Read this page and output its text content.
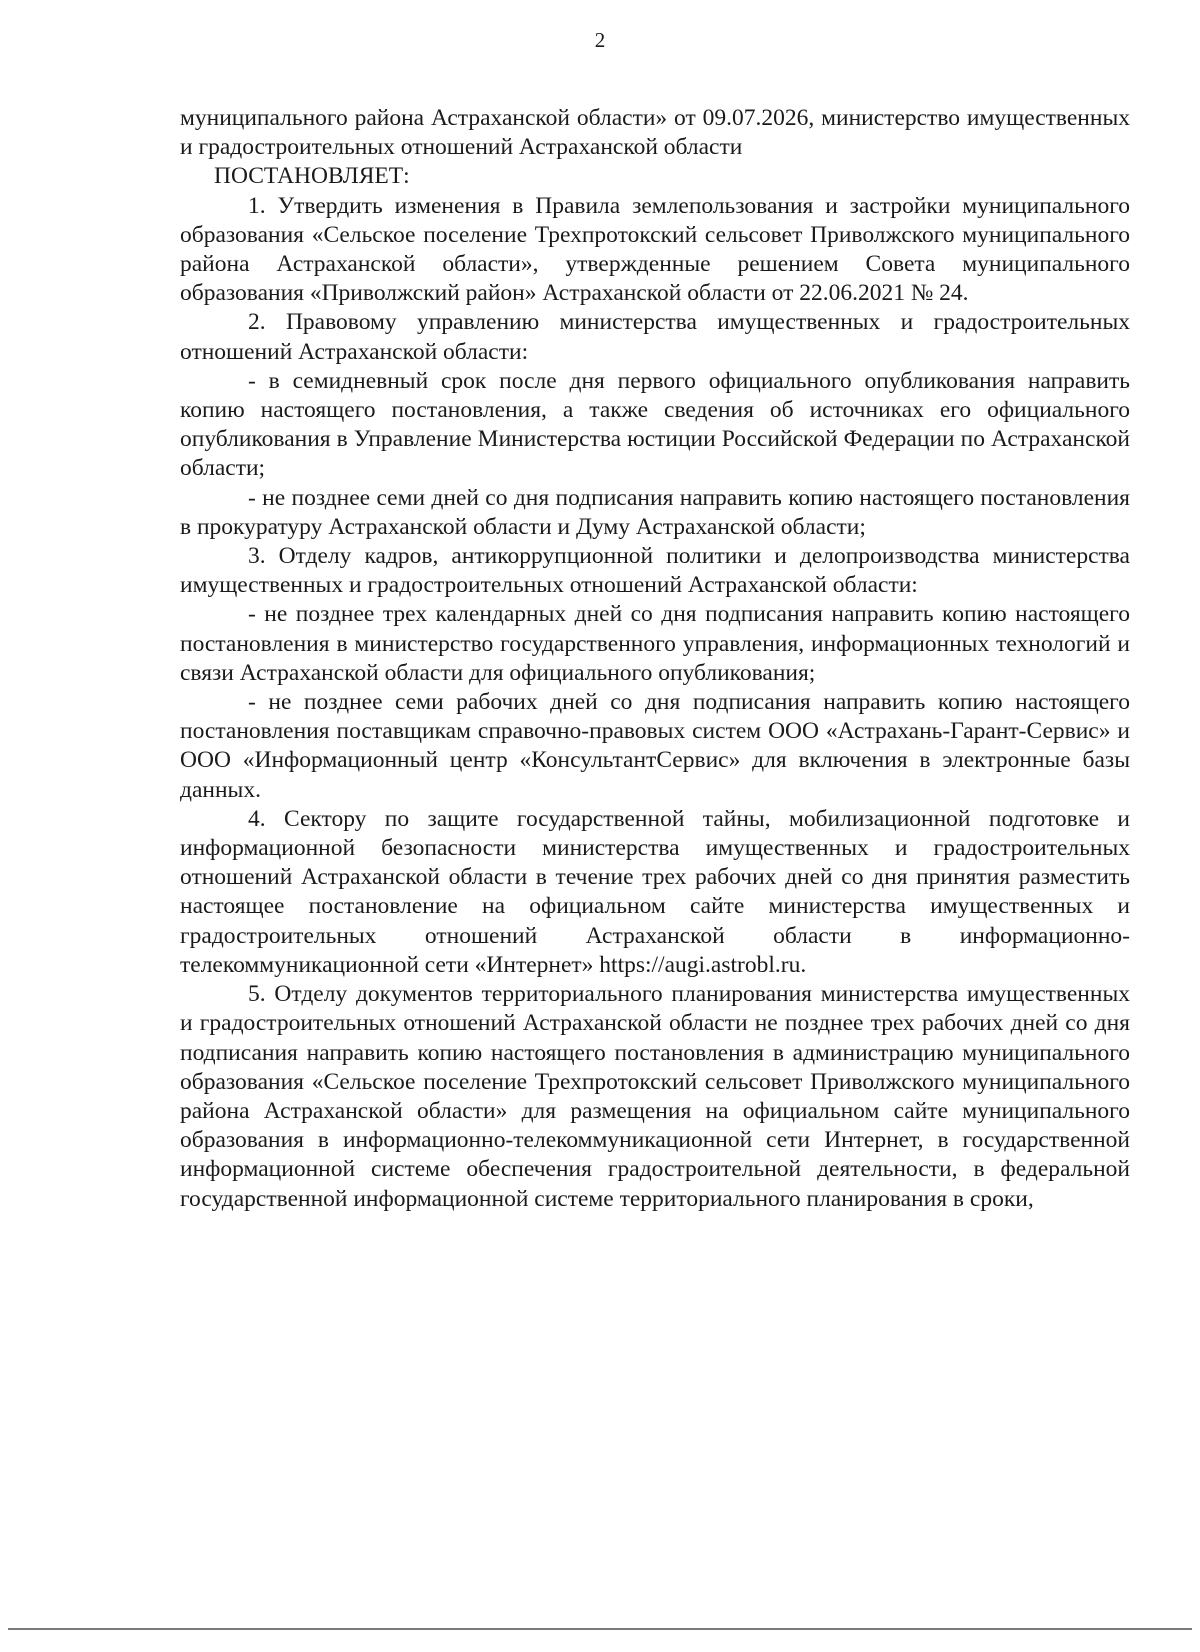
2

муниципального района Астраханской области» от 09.07.2026, министерство имущественных и градостроительных отношений Астраханской области

ПОСТАНОВЛЯЕТ:

1. Утвердить изменения в Правила землепользования и застройки муниципального образования «Сельское поселение Трехпротокский сельсовет Приволжского муниципального района Астраханской области», утвержденные решением Совета муниципального образования «Приволжский район» Астраханской области от 22.06.2021 № 24.

2. Правовому управлению министерства имущественных и градостроительных отношений Астраханской области:

- в семидневный срок после дня первого официального опубликования направить копию настоящего постановления, а также сведения об источниках его официального опубликования в Управление Министерства юстиции Российской Федерации по Астраханской области;

- не позднее семи дней со дня подписания направить копию настоящего постановления в прокуратуру Астраханской области и Думу Астраханской области;

3. Отделу кадров, антикоррупционной политики и делопроизводства министерства имущественных и градостроительных отношений Астраханской области:

- не позднее трех календарных дней со дня подписания направить копию настоящего постановления в министерство государственного управления, информационных технологий и связи Астраханской области для официального опубликования;

- не позднее семи рабочих дней со дня подписания направить копию настоящего постановления поставщикам справочно-правовых систем ООО «Астрахань-Гарант-Сервис» и ООО «Информационный центр «КонсультантСервис» для включения в электронные базы данных.

4. Сектору по защите государственной тайны, мобилизационной подготовке и информационной безопасности министерства имущественных и градостроительных отношений Астраханской области в течение трех рабочих дней со дня принятия разместить настоящее постановление на официальном сайте министерства имущественных и градостроительных отношений Астраханской области в информационно-телекоммуникационной сети «Интернет» https://augi.astrobl.ru.

5. Отделу документов территориального планирования министерства имущественных и градостроительных отношений Астраханской области не позднее трех рабочих дней со дня подписания направить копию настоящего постановления в администрацию муниципального образования «Сельское поселение Трехпротокский сельсовет Приволжского муниципального района Астраханской области» для размещения на официальном сайте муниципального образования в информационно-телекоммуникационной сети Интернет, в государственной информационной системе обеспечения градостроительной деятельности, в федеральной государственной информационной системе территориального планирования в сроки,
